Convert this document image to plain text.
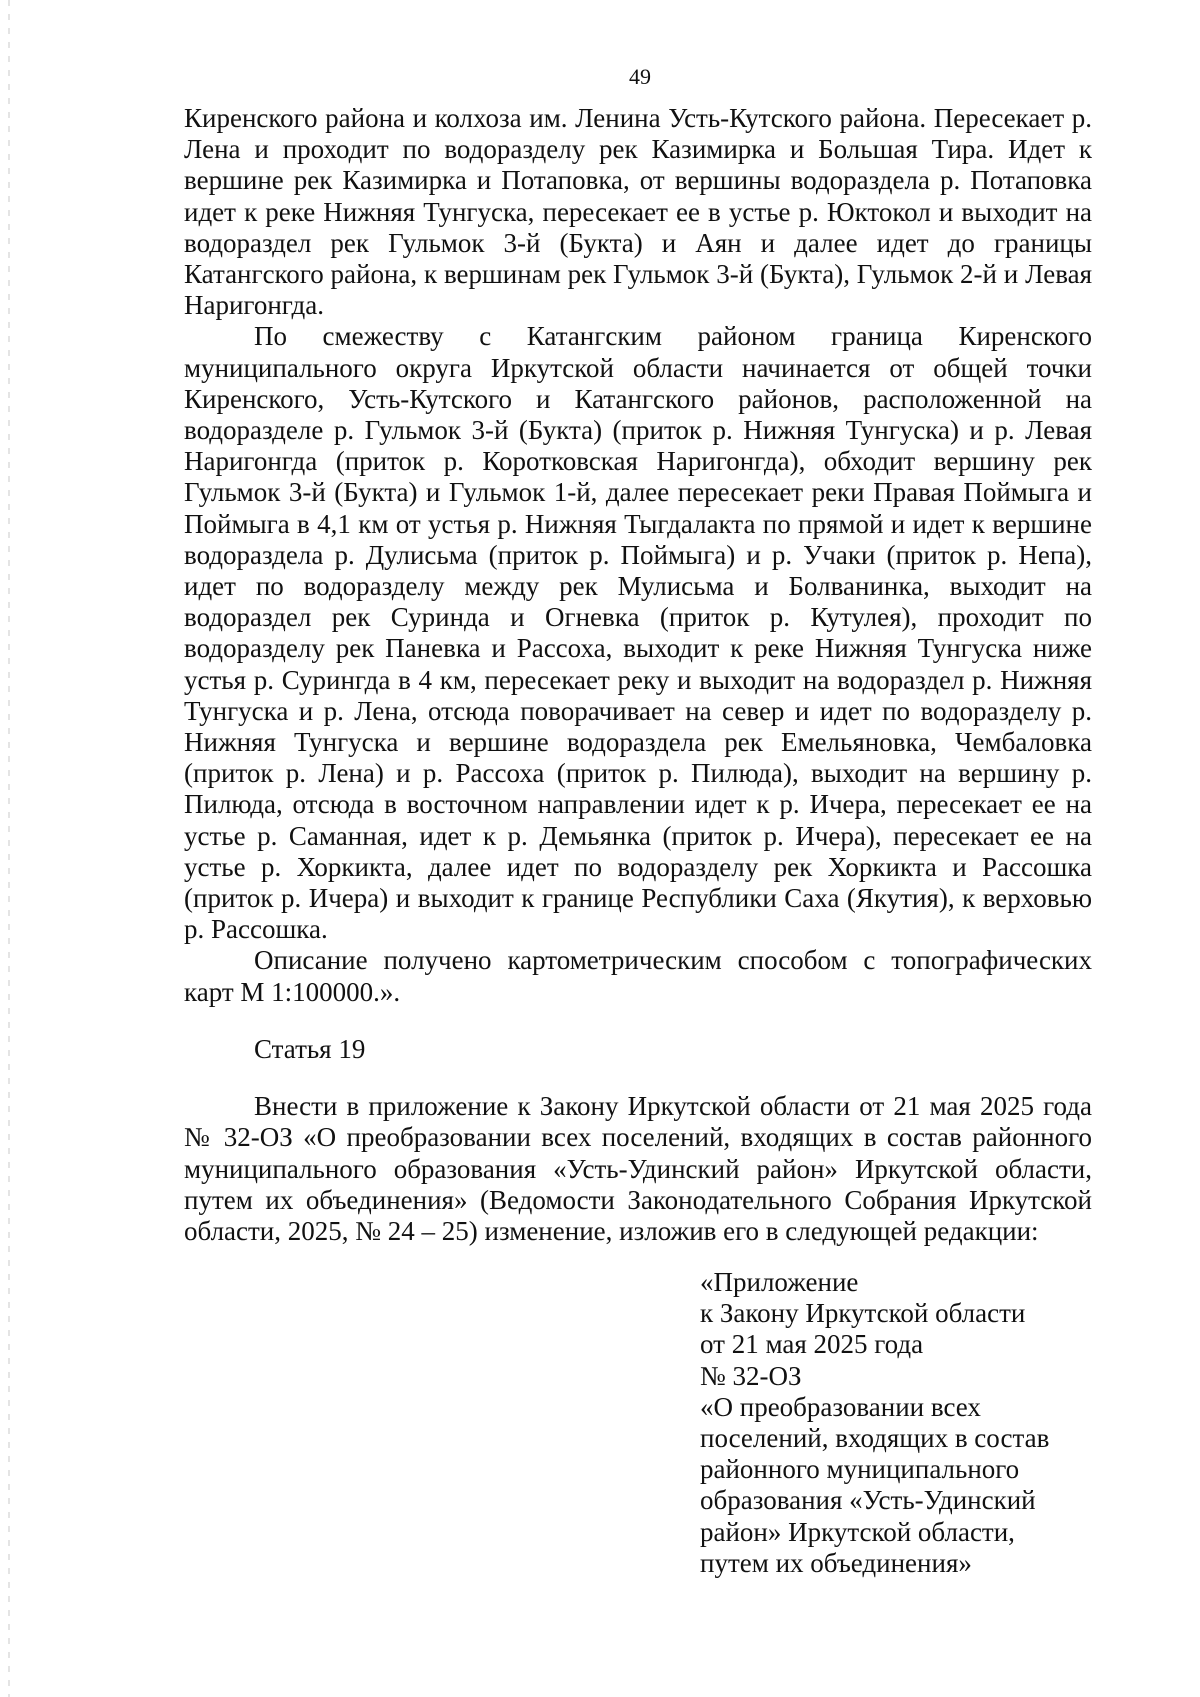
49

Киренского района и колхоза им. Ленина Усть-Кутского района. Пересекает р. Лена и проходит по водоразделу рек Казимирка и Большая Тира. Идет к вершине рек Казимирка и Потаповка, от вершины водораздела р. Потаповка идет к реке Нижняя Тунгуска, пересекает ее в устье р. Юктокол и выходит на водораздел рек Гульмок 3-й (Букта) и Аян и далее идет до границы Катангского района, к вершинам рек Гульмок 3-й (Букта), Гульмок 2-й и Левая Наригонгда.

По смежеству с Катангским районом граница Киренского муниципального округа Иркутской области начинается от общей точки Киренского, Усть-Кутского и Катангского районов, расположенной на водоразделе р. Гульмок 3-й (Букта) (приток р. Нижняя Тунгуска) и р. Левая Наригонгда (приток р. Коротковская Наригонгда), обходит вершину рек Гульмок 3-й (Букта) и Гульмок 1-й, далее пересекает реки Правая Поймыга и Поймыга в 4,1 км от устья р. Нижняя Тыгдалакта по прямой и идет к вершине водораздела р. Дулисьма (приток р. Поймыга) и р. Учаки (приток р. Непа), идет по водоразделу между рек Мулисьма и Болванинка, выходит на водораздел рек Суринда и Огневка (приток р. Кутулея), проходит по водоразделу рек Паневка и Рассоха, выходит к реке Нижняя Тунгуска ниже устья р. Сурингда в 4 км, пересекает реку и выходит на водораздел р. Нижняя Тунгуска и р. Лена, отсюда поворачивает на север и идет по водоразделу р. Нижняя Тунгуска и вершине водораздела рек Емельяновка, Чембаловка (приток р. Лена) и р. Рассоха (приток р. Пилюда), выходит на вершину р. Пилюда, отсюда в восточном направлении идет к р. Ичера, пересекает ее на устье р. Саманная, идет к р. Демьянка (приток р. Ичера), пересекает ее на устье р. Хоркикта, далее идет по водоразделу рек Хоркикта и Рассошка (приток р. Ичера) и выходит к границе Республики Саха (Якутия), к верховью р. Рассошка.

Описание получено картометрическим способом с топографических карт М 1:100000.».

Статья 19

Внести в приложение к Закону Иркутской области от 21 мая 2025 года № 32-ОЗ «О преобразовании всех поселений, входящих в состав районного муниципального образования «Усть-Удинский район» Иркутской области, путем их объединения» (Ведомости Законодательного Собрания Иркутской области, 2025, № 24 – 25) изменение, изложив его в следующей редакции:

«Приложение
к Закону Иркутской области
от 21 мая 2025 года
№ 32-ОЗ
«О преобразовании всех
поселений, входящих в состав
районного муниципального
образования «Усть-Удинский
район» Иркутской области,
путем их объединения»
